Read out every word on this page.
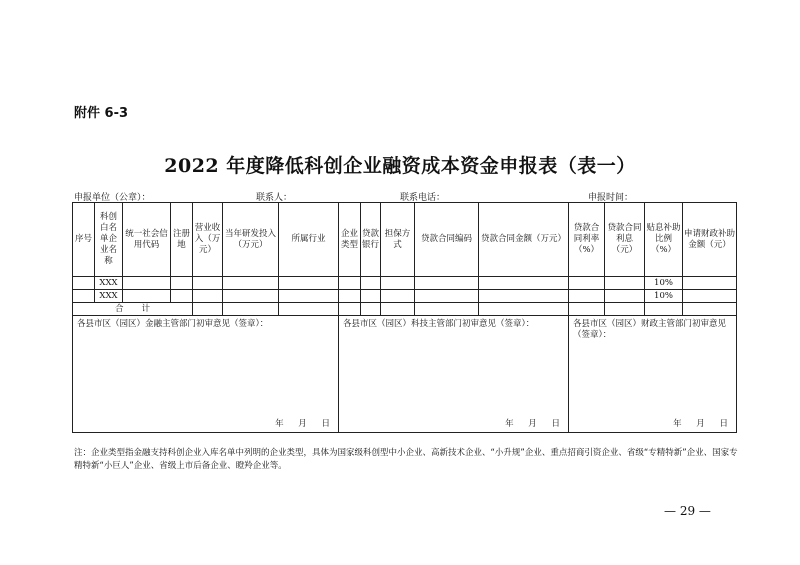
附件 6-3
2022 年度降低科创企业融资成本资金申报表（表一）
申报单位（公章）：	联系人：	联系电话：	申报时间：
序号	科创白名单企业名称	统一社会信用代码	注册地	营业收入（万元）	当年研发投入（万元）	所属行业	企业类型	贷款银行	担保方式	贷款合同编码	贷款合同金额（万元）	贷款合同利率（%）	贷款合同利息（元）	贴息补助比例（%）	申请财政补助金额（元）
	XXX													10%	
	XXX													10%	
合计															

各县市区（园区）金融主管部门初审意见（签章）：
年 月 日							各县市区（园区）科技主管部门初审意见（签章）：
年 月 日					各县市区（园区）财政主管部门初审意见（签章）：
年 月 日			
注：企业类型指金融支持科创企业入库名单中列明的企业类型，具体为国家级科创型中小企业、高新技术企业、“小升规”企业、重点招商引资企业、省级“专精特新”企业、国家专精特新“小巨人”企业、省级上市后备企业、瞪羚企业等。
— 29 —
